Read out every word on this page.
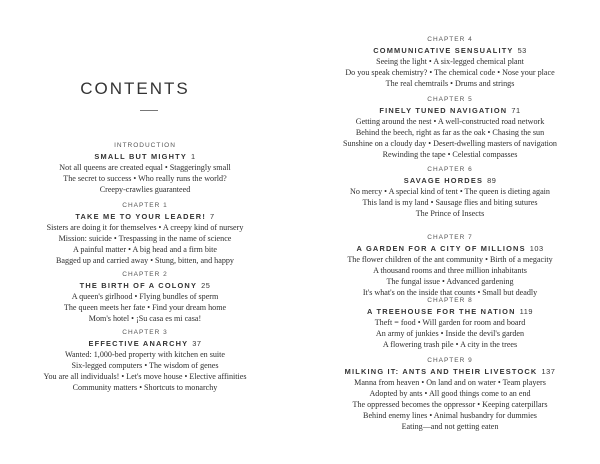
CONTENTS
INTRODUCTION
SMALL BUT MIGHTY 1
Not all queens are created equal • Staggeringly small
The secret to success • Who really runs the world?
Creepy-crawlies guaranteed
CHAPTER 1
TAKE ME TO YOUR LEADER! 7
Sisters are doing it for themselves • A creepy kind of nursery
Mission: suicide • Trespassing in the name of science
A painful matter • A big head and a firm bite
Bagged up and carried away • Stung, bitten, and happy
CHAPTER 2
THE BIRTH OF A COLONY 25
A queen's girlhood • Flying bundles of sperm
The queen meets her fate • Find your dream home
Mom's hotel • ¡Su casa es mi casa!
CHAPTER 3
EFFECTIVE ANARCHY 37
Wanted: 1,000-bed property with kitchen en suite
Six-legged computers • The wisdom of genes
You are all individuals! • Let's move house • Elective affinities
Community matters • Shortcuts to monarchy
CHAPTER 4
COMMUNICATIVE SENSUALITY 53
Seeing the light • A six-legged chemical plant
Do you speak chemistry? • The chemical code • Nose your place
The real chemtrails • Drums and strings
CHAPTER 5
FINELY TUNED NAVIGATION 71
Getting around the nest • A well-constructed road network
Behind the beech, right as far as the oak • Chasing the sun
Sunshine on a cloudy day • Desert-dwelling masters of navigation
Rewinding the tape • Celestial compasses
CHAPTER 6
SAVAGE HORDES 89
No mercy • A special kind of tent • The queen is dieting again
This land is my land • Sausage flies and biting sutures
The Prince of Insects
CHAPTER 7
A GARDEN FOR A CITY OF MILLIONS 103
The flower children of the ant community • Birth of a megacity
A thousand rooms and three million inhabitants
The fungal issue • Advanced gardening
It's what's on the inside that counts • Small but deadly
CHAPTER 8
A TREEHOUSE FOR THE NATION 119
Theft = food • Will garden for room and board
An army of junkies • Inside the devil's garden
A flowering trash pile • A city in the trees
CHAPTER 9
MILKING IT: ANTS AND THEIR LIVESTOCK 137
Manna from heaven • On land and on water • Team players
Adopted by ants • All good things come to an end
The oppressed becomes the oppressor • Keeping caterpillars
Behind enemy lines • Animal husbandry for dummies
Eating—and not getting eaten
